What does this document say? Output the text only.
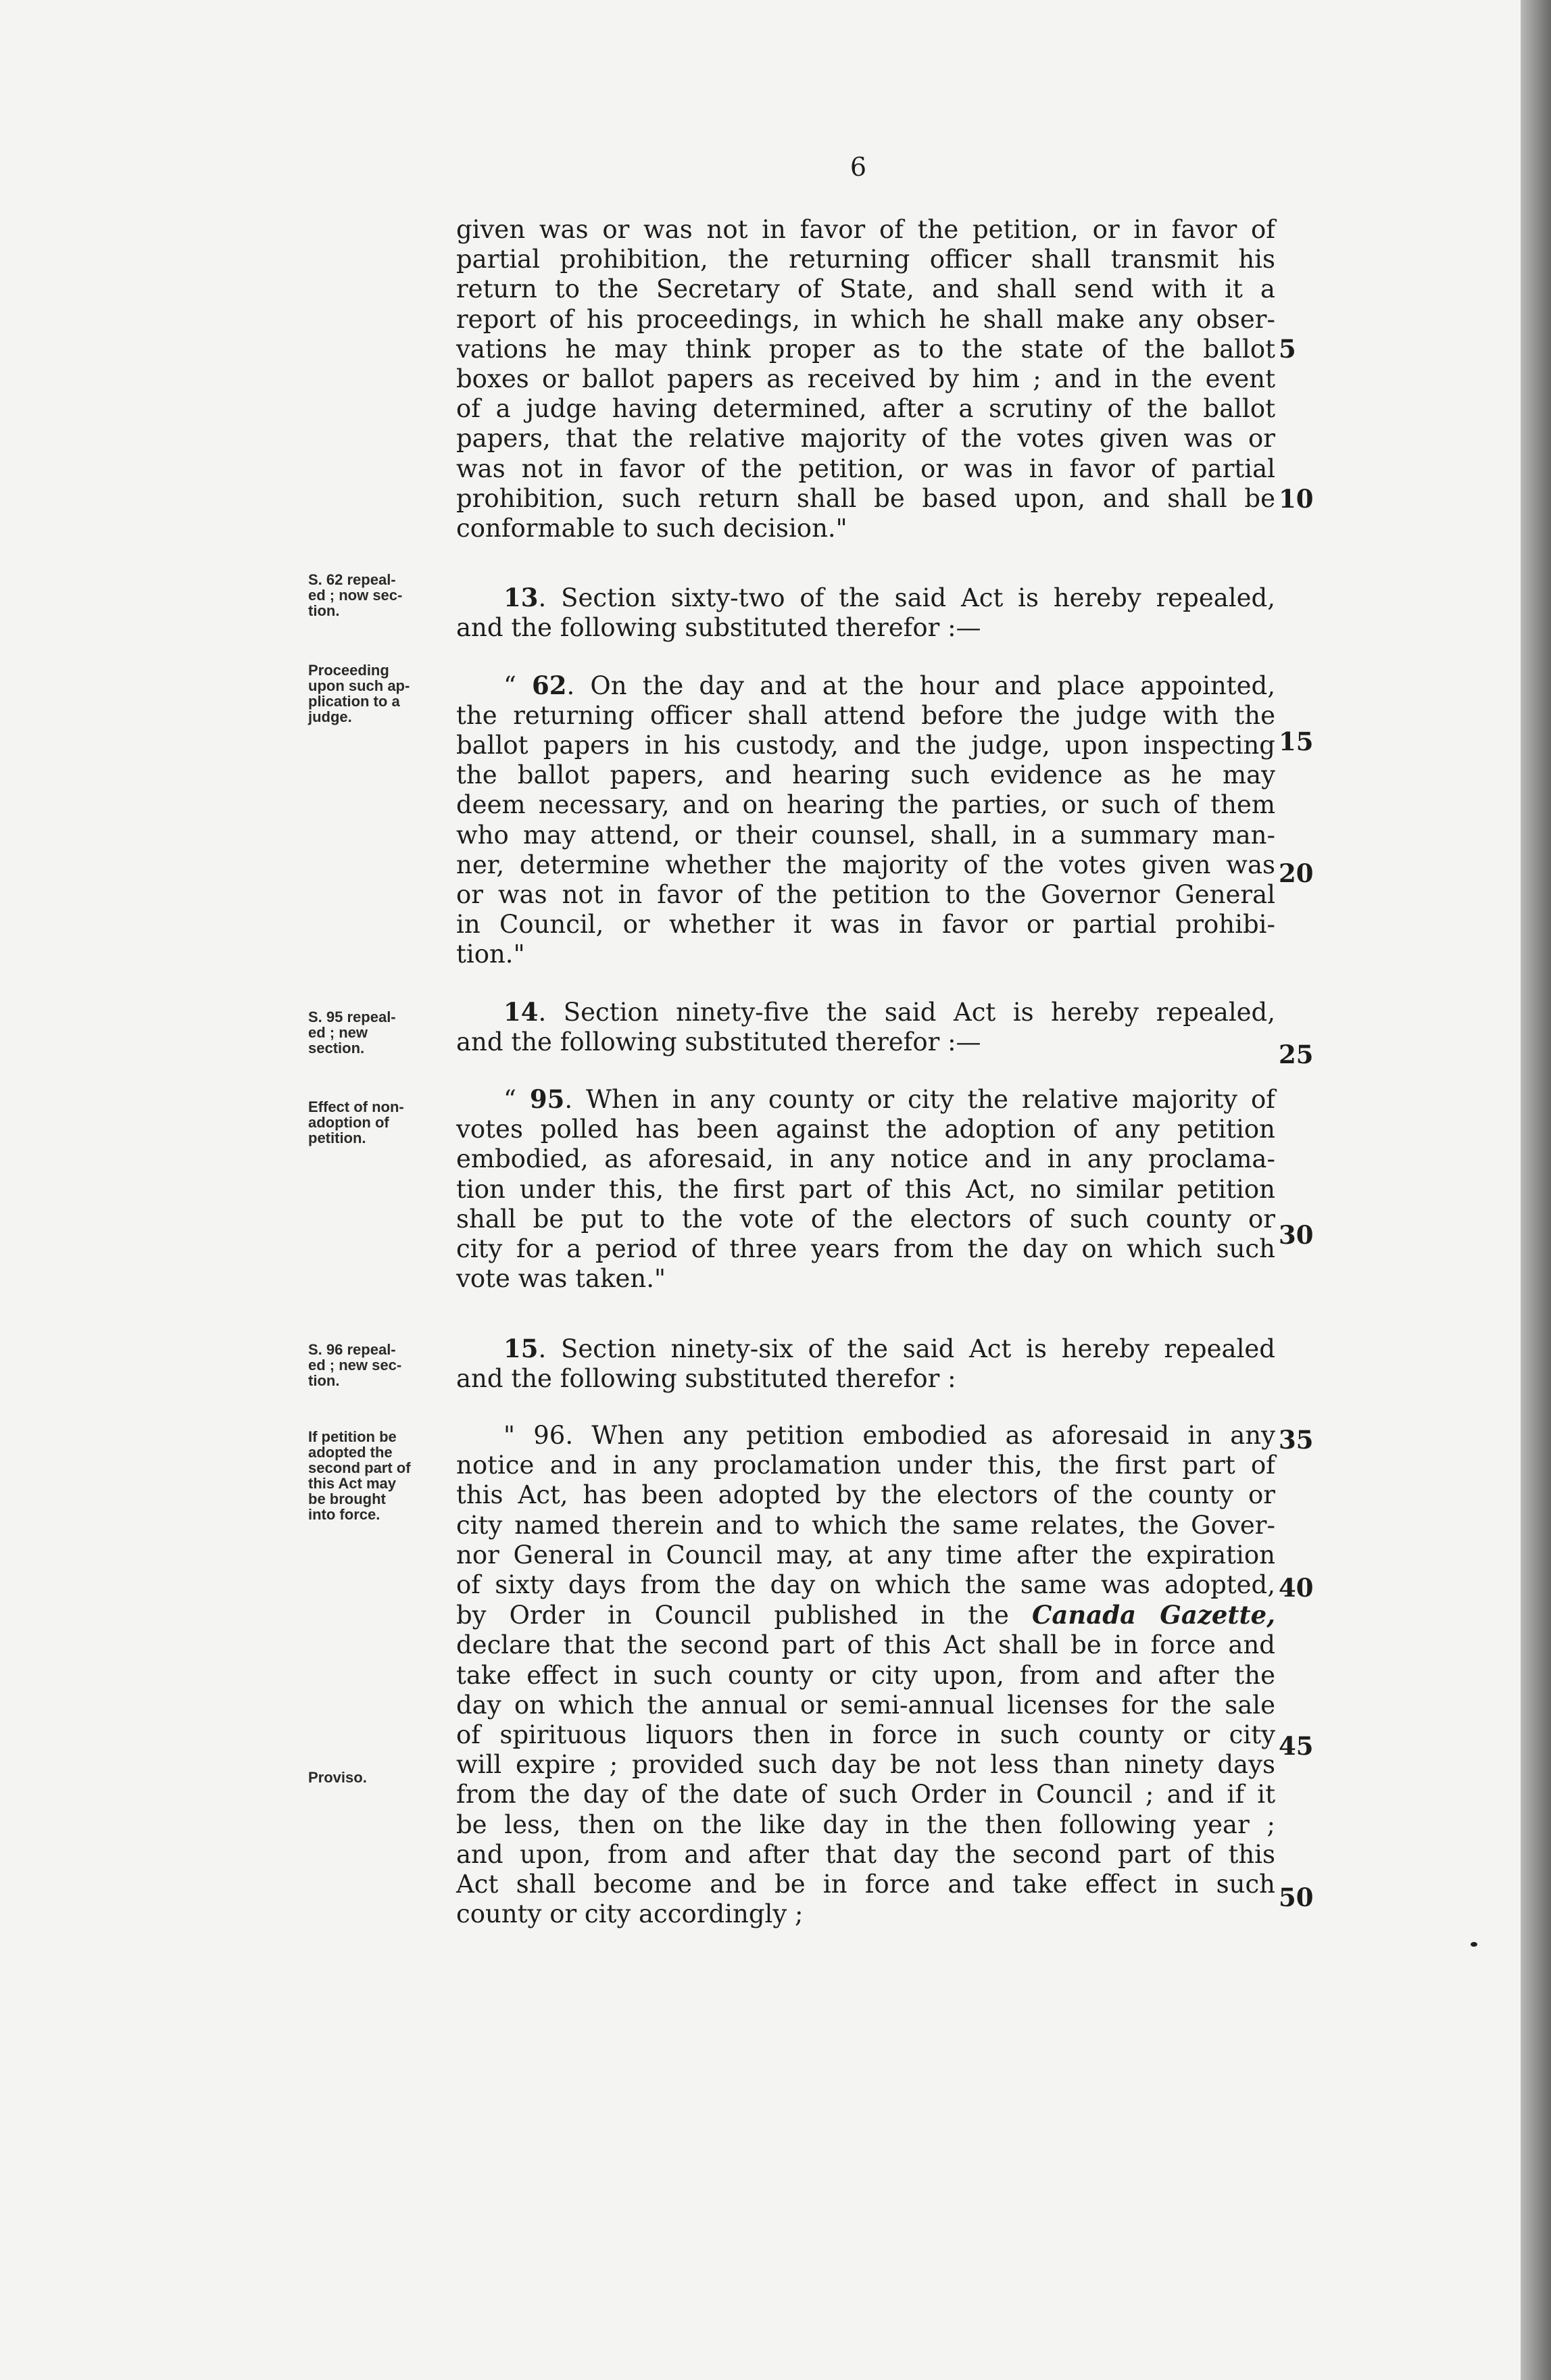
6
S. 62 repeal-
ed ; now sec-
tion.
Proceeding
upon such ap-
plication to a
judge.
S. 95 repeal-
ed ; new
section.
Effect of non-
adoption of
petition.
S. 96 repeal-
ed ; new sec-
tion.
If petition be
adopted the
second part of
this Act may
be brought
into force.
Proviso.
5
10
15
20
25
30
35
40
45
50
given was or was not in favor of the petition, or in favor of
partial prohibition, the returning officer shall transmit his
return to the Secretary of State, and shall send with it a
report of his proceedings, in which he shall make any obser-
vations he may think proper as to the state of the ballot
boxes or ballot papers as received by him ; and in the event
of a judge having determined, after a scrutiny of the ballot
papers, that the relative majority of the votes given was or
was not in favor of the petition, or was in favor of partial
prohibition, such return shall be based upon, and shall be
conformable to such decision."
13. Section sixty-two of the said Act is hereby repealed,
and the following substituted therefor :—
“ 62. On the day and at the hour and place appointed,
the returning officer shall attend before the judge with the
ballot papers in his custody, and the judge, upon inspecting
the ballot papers, and hearing such evidence as he may
deem necessary, and on hearing the parties, or such of them
who may attend, or their counsel, shall, in a summary man-
ner, determine whether the majority of the votes given was
or was not in favor of the petition to the Governor General
in Council, or whether it was in favor or partial prohibi-
tion."
14. Section ninety-five the said Act is hereby repealed,
and the following substituted therefor :—
“ 95. When in any county or city the relative majority of
votes polled has been against the adoption of any petition
embodied, as aforesaid, in any notice and in any proclama-
tion under this, the first part of this Act, no similar petition
shall be put to the vote of the electors of such county or
city for a period of three years from the day on which such
vote was taken."
15. Section ninety-six of the said Act is hereby repealed
and the following substituted therefor :
" 96. When any petition embodied as aforesaid in any
notice and in any proclamation under this, the first part of
this Act, has been adopted by the electors of the county or
city named therein and to which the same relates, the Gover-
nor General in Council may, at any time after the expiration
of sixty days from the day on which the same was adopted,
by Order in Council published in the Canada Gazette,
declare that the second part of this Act shall be in force and
take effect in such county or city upon, from and after the
day on which the annual or semi-annual licenses for the sale
of spirituous liquors then in force in such county or city
will expire ; provided such day be not less than ninety days
from the day of the date of such Order in Council ; and if it
be less, then on the like day in the then following year ;
and upon, from and after that day the second part of this
Act shall become and be in force and take effect in such
county or city accordingly ;
